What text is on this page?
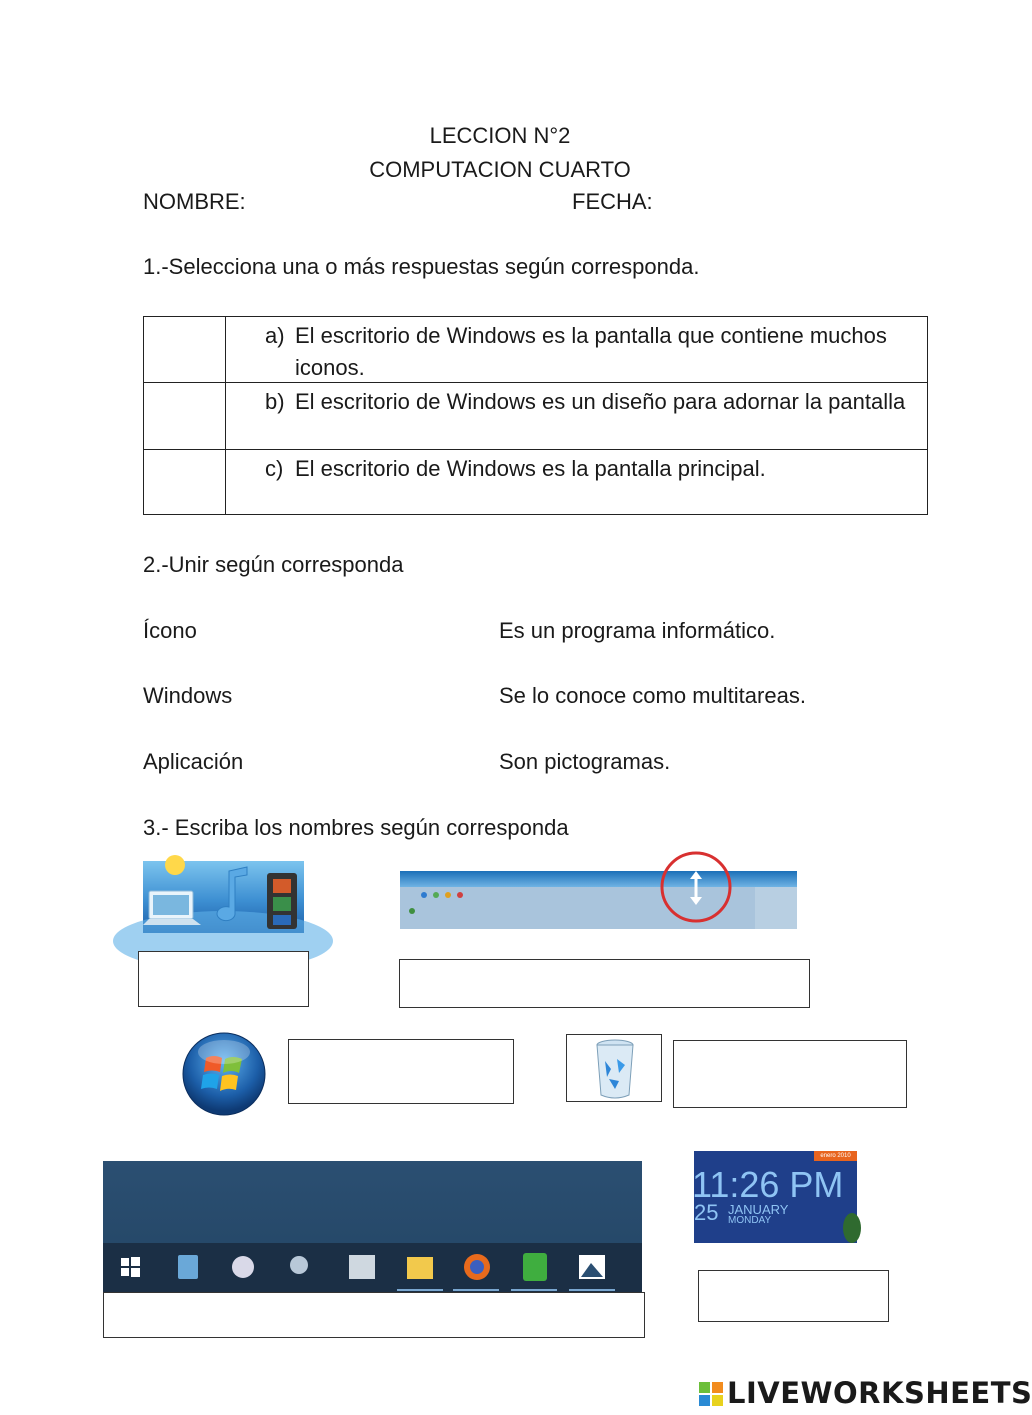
LECCION N°2
COMPUTACION CUARTO
NOMBRE:	FECHA:
1.-Selecciona una o más respuestas según corresponda.
a) El escritorio de Windows es la pantalla que contiene muchos iconos.
b) El escritorio de Windows es un diseño para adornar la pantalla
c) El escritorio de Windows es la pantalla principal.
2.-Unir según corresponda
Ícono
Windows
Aplicación
Es un programa informático.
Se lo conoce como multitareas.
Son pictogramas.
3.- Escriba los nombres según corresponda
enero 2010
11:26 PM
25 JANUARY
MONDAY
LIVEWORKSHEETS
